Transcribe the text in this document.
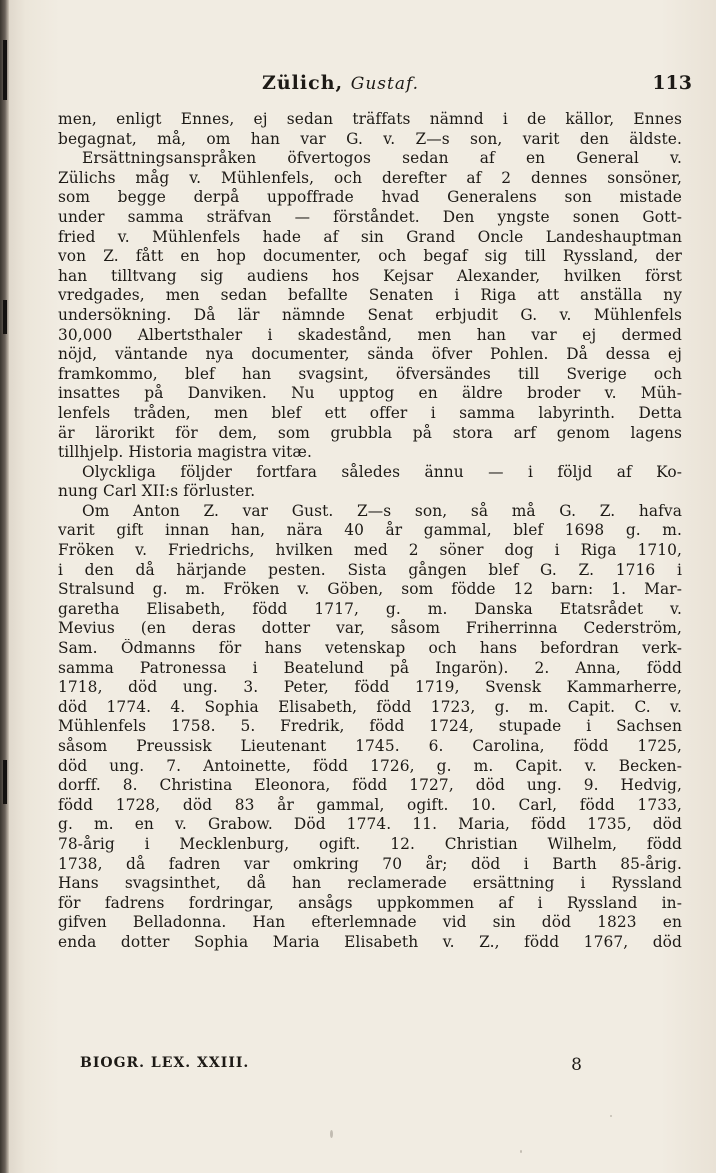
Zülich, Gustaf.	113
men, enligt Ennes, ej sedan träffats nämnd i de källor, Ennes
begagnat, må, om han var G. v. Z—s son, varit den äldste.
Ersättningsanspråken öfvertogos sedan af en General v.
Zülichs måg v. Mühlenfels, och derefter af 2 dennes sonsöner,
som begge derpå uppoffrade hvad Generalens son mistade
under samma sträfvan — förståndet. Den yngste sonen Gott-
fried v. Mühlenfels hade af sin Grand Oncle Landeshauptman
von Z. fått en hop documenter, och begaf sig till Ryssland, der
han tilltvang sig audiens hos Kejsar Alexander, hvilken först
vredgades, men sedan befallte Senaten i Riga att anställa ny
undersökning. Då lär nämnde Senat erbjudit G. v. Mühlenfels
30,000 Albertsthaler i skadestånd, men han var ej dermed
nöjd, väntande nya documenter, sända öfver Pohlen. Då dessa ej
framkommo, blef han svagsint, öfversändes till Sverige och
insattes på Danviken. Nu upptog en äldre broder v. Müh-
lenfels tråden, men blef ett offer i samma labyrinth. Detta
är lärorikt för dem, som grubbla på stora arf genom lagens
tillhjelp. Historia magistra vitæ.
Olyckliga följder fortfara således ännu — i följd af Ko-
nung Carl XII:s förluster.
Om Anton Z. var Gust. Z—s son, så må G. Z. hafva
varit gift innan han, nära 40 år gammal, blef 1698 g. m.
Fröken v. Friedrichs, hvilken med 2 söner dog i Riga 1710,
i den då härjande pesten. Sista gången blef G. Z. 1716 i
Stralsund g. m. Fröken v. Göben, som födde 12 barn: 1. Mar-
garetha Elisabeth, född 1717, g. m. Danska Etatsrådet v.
Mevius (en deras dotter var, såsom Friherrinna Cederström,
Sam. Ödmanns för hans vetenskap och hans befordran verk-
samma Patronessa i Beatelund på Ingarön). 2. Anna, född
1718, död ung. 3. Peter, född 1719, Svensk Kammarherre,
död 1774. 4. Sophia Elisabeth, född 1723, g. m. Capit. C. v.
Mühlenfels 1758. 5. Fredrik, född 1724, stupade i Sachsen
såsom Preussisk Lieutenant 1745. 6. Carolina, född 1725,
död ung. 7. Antoinette, född 1726, g. m. Capit. v. Becken-
dorff. 8. Christina Eleonora, född 1727, död ung. 9. Hedvig,
född 1728, död 83 år gammal, ogift. 10. Carl, född 1733,
g. m. en v. Grabow. Död 1774. 11. Maria, född 1735, död
78-årig i Mecklenburg, ogift. 12. Christian Wilhelm, född
1738, då fadren var omkring 70 år; död i Barth 85-årig.
Hans svagsinthet, då han reclamerade ersättning i Ryssland
för fadrens fordringar, ansågs uppkommen af i Ryssland in-
gifven Belladonna. Han efterlemnade vid sin död 1823 en
enda dotter Sophia Maria Elisabeth v. Z., född 1767, död
BIOGR. LEX. XXIII.	8
